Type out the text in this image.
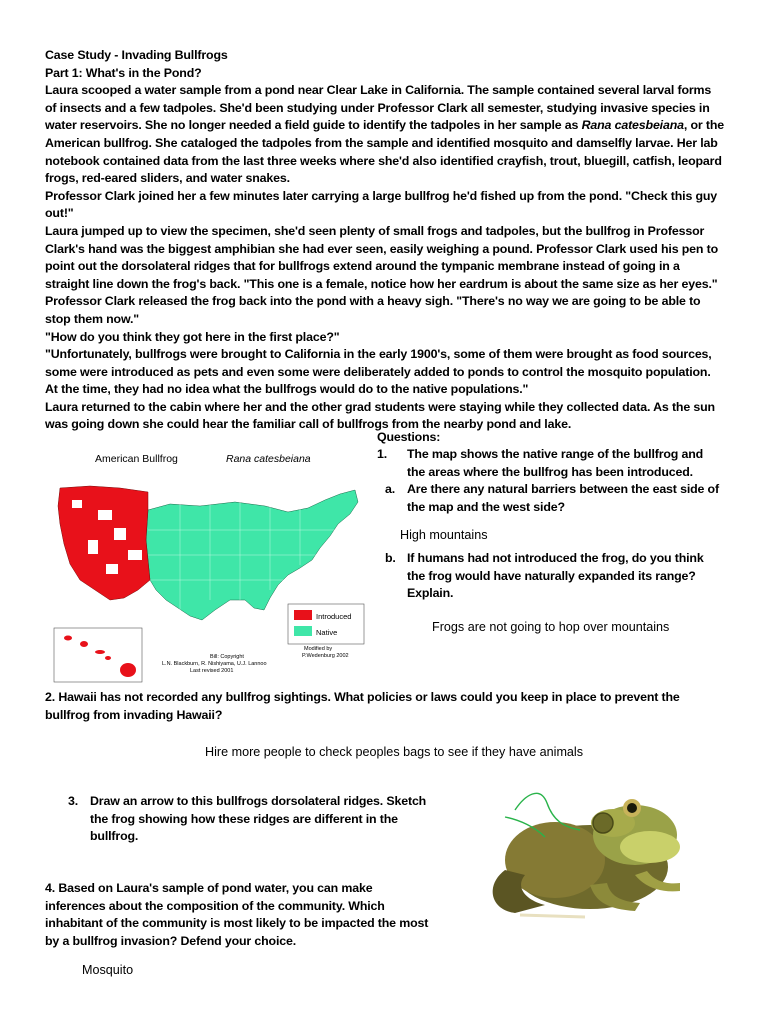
Case Study - Invading Bullfrogs

Part 1: What's in the Pond?

Laura scooped a water sample from a pond near Clear Lake in California. The sample contained several larval forms of insects and a few tadpoles. She'd been studying under Professor Clark all semester, studying invasive species in water reservoirs. She no longer needed a field guide to identify the tadpoles in her sample as Rana catesbeiana, or the American bullfrog. She cataloged the tadpoles from the sample and identified mosquito and damselfly larvae. Her lab notebook contained data from the last three weeks where she'd also identified crayfish, trout, bluegill, catfish, leopard frogs, red-eared sliders, and water snakes.

Professor Clark joined her a few minutes later carrying a large bullfrog he'd fished up from the pond. "Check this guy out!"

Laura jumped up to view the specimen, she'd seen plenty of small frogs and tadpoles, but the bullfrog in Professor Clark's hand was the biggest amphibian she had ever seen, easily weighing a pound. Professor Clark used his pen to point out the dorsolateral ridges that for bullfrogs extend around the tympanic membrane instead of going in a straight line down the frog's back. "This one is a female, notice how her eardrum is about the same size as her eyes."

Professor Clark released the frog back into the pond with a heavy sigh. "There's no way we are going to be able to stop them now."

"How do you think they got here in the first place?"

"Unfortunately, bullfrogs were brought to California in the early 1900's, some of them were brought as food sources, some were introduced as pets and even some were deliberately added to ponds to control the mosquito population. At the time, they had no idea what the bullfrogs would do to the native populations."

Laura returned to the cabin where her and the other grad students were staying while they collected data. As the sun was going down she could hear the familiar call of bullfrogs from the nearby pond and lake.

American Bullfrog	Rana catesbeiana
Introduced
Native
Modified by
P.Wedenburg 2002
Bill: Copyright
L.N. Blackburn, R. Nishiyama, U.J. Lannoo
Last revised 2001
Questions:
1. The map shows the native range of the bullfrog and the areas where the bullfrog has been introduced.
a. Are there any natural barriers between the east side of the map and the west side?
High mountains
b. If humans had not introduced the frog, do you think the frog would have naturally expanded its range? Explain.
Frogs are not going to hop over mountains
2. Hawaii has not recorded any bullfrog sightings. What policies or laws could you keep in place to prevent the bullfrog from invading Hawaii?
Hire more people to check peoples bags to see if they have animals
3. Draw an arrow to this bullfrogs dorsolateral ridges. Sketch the frog showing how these ridges are different in the bullfrog.
4. Based on Laura's sample of pond water, you can make inferences about the composition of the community. Which inhabitant of the community is most likely to be impacted the most by a bullfrog invasion? Defend your choice.
Mosquito
